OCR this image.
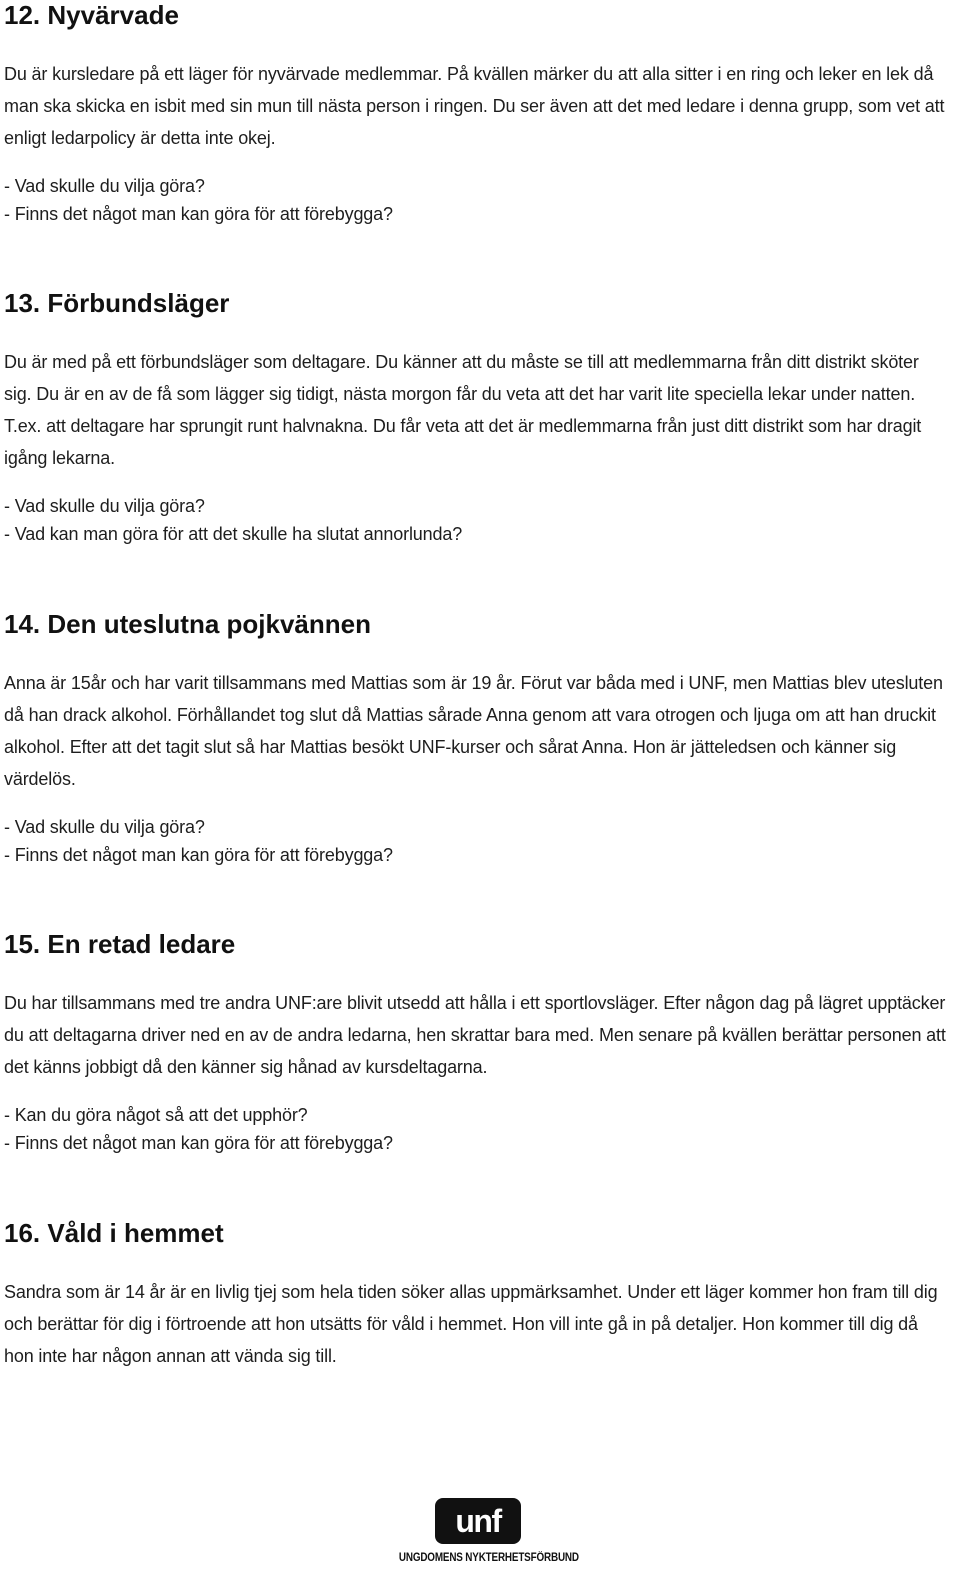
12. Nyvärvade

Du är kursledare på ett läger för nyvärvade medlemmar. På kvällen märker du att alla sitter i en ring och leker en lek då man ska skicka en isbit med sin mun till nästa person i ringen. Du ser även att det med ledare i denna grupp, som vet att enligt ledarpolicy är detta inte okej.

- Vad skulle du vilja göra?

- Finns det något man kan göra för att förebygga?

13. Förbundsläger

Du är med på ett förbundsläger som deltagare. Du känner att du måste se till att medlemmarna från ditt distrikt sköter sig. Du är en av de få som lägger sig tidigt, nästa morgon får du veta att det har varit lite speciella lekar under natten. T.ex. att deltagare har sprungit runt halvnakna. Du får veta att det är medlemmarna från just ditt distrikt som har dragit igång lekarna.

- Vad skulle du vilja göra?

- Vad kan man göra för att det skulle ha slutat annorlunda?

14. Den uteslutna pojkvännen

Anna är 15år och har varit tillsammans med Mattias som är 19 år. Förut var båda med i UNF, men Mattias blev utesluten då han drack alkohol. Förhållandet tog slut då Mattias sårade Anna genom att vara otrogen och ljuga om att han druckit alkohol. Efter att det tagit slut så har Mattias besökt UNF-kurser och sårat Anna. Hon är jätteledsen och känner sig värdelös.

- Vad skulle du vilja göra?

- Finns det något man kan göra för att förebygga?

15. En retad ledare

Du har tillsammans med tre andra UNF:are blivit utsedd att hålla i ett sportlovsläger. Efter någon dag på lägret upptäcker du att deltagarna driver ned en av de andra ledarna, hen skrattar bara med. Men senare på kvällen berättar personen att det känns jobbigt då den känner sig hånad av kursdeltagarna.

- Kan du göra något så att det upphör?

- Finns det något man kan göra för att förebygga?

16. Våld i hemmet

Sandra som är 14 år är en livlig tjej som hela tiden söker allas uppmärksamhet. Under ett läger kommer hon fram till dig och berättar för dig i förtroende att hon utsätts för våld i hemmet. Hon vill inte gå in på detaljer. Hon kommer till dig då hon inte har någon annan att vända sig till.

unf
UNGDOMENS NYKTERHETSFÖRBUND
